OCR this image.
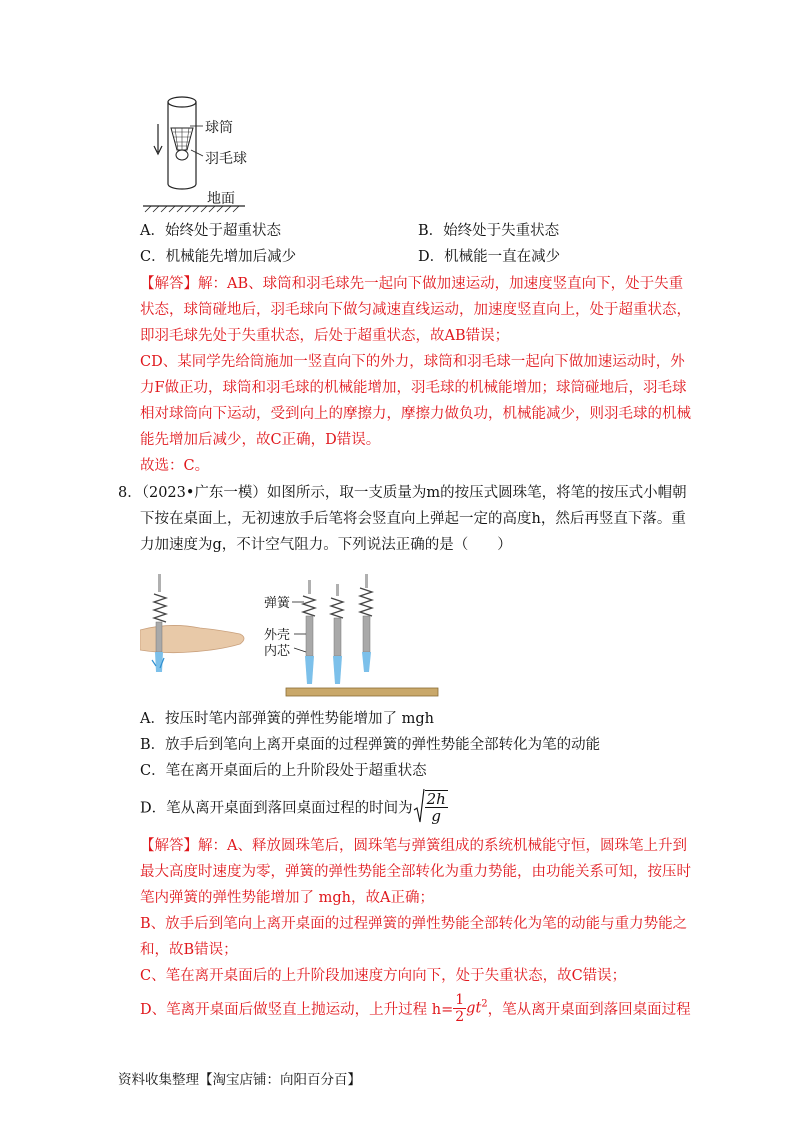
球筒
羽毛球
地面
A．始终处于超重状态	B．始终处于失重状态
C．机械能先增加后减少	D．机械能一直在减少
【解答】解：AB、球筒和羽毛球先一起向下做加速运动，加速度竖直向下，处于失重
状态，球筒碰地后，羽毛球向下做匀减速直线运动，加速度竖直向上，处于超重状态，
即羽毛球先处于失重状态，后处于超重状态，故AB错误；
CD、某同学先给筒施加一竖直向下的外力，球筒和羽毛球一起向下做加速运动时，外
力F做正功，球筒和羽毛球的机械能增加，羽毛球的机械能增加；球筒碰地后，羽毛球
相对球筒向下运动，受到向上的摩擦力，摩擦力做负功，机械能减少，则羽毛球的机械
能先增加后减少，故C正确，D错误。
故选：C。
8．（2023•广东一模）如图所示，取一支质量为m的按压式圆珠笔，将笔的按压式小帽朝
下按在桌面上，无初速放手后笔将会竖直向上弹起一定的高度h，然后再竖直下落。重
力加速度为g，不计空气阻力。下列说法正确的是（　　）
弹簧
外壳
内芯
A．按压时笔内部弹簧的弹性势能增加了 mgh
B．放手后到笔向上离开桌面的过程弹簧的弹性势能全部转化为笔的动能
C．笔在离开桌面后的上升阶段处于超重状态
D．笔从离开桌面到落回桌面过程的时间为 $\frac{2h}{g}$
【解答】解：A、释放圆珠笔后，圆珠笔与弹簧组成的系统机械能守恒，圆珠笔上升到
最大高度时速度为零，弹簧的弹性势能全部转化为重力势能，由功能关系可知，按压时
笔内弹簧的弹性势能增加了 mgh，故A正确；
B、放手后到笔向上离开桌面的过程弹簧的弹性势能全部转化为笔的动能与重力势能之
和，故B错误；
C、笔在离开桌面后的上升阶段加速度方向向下，处于失重状态，故C错误；
D、笔离开桌面后做竖直上抛运动，上升过程 $h= \frac{1}{2} gt^2$，笔从离开桌面到落回桌面过程
资料收集整理【淘宝店铺：向阳百分百】
